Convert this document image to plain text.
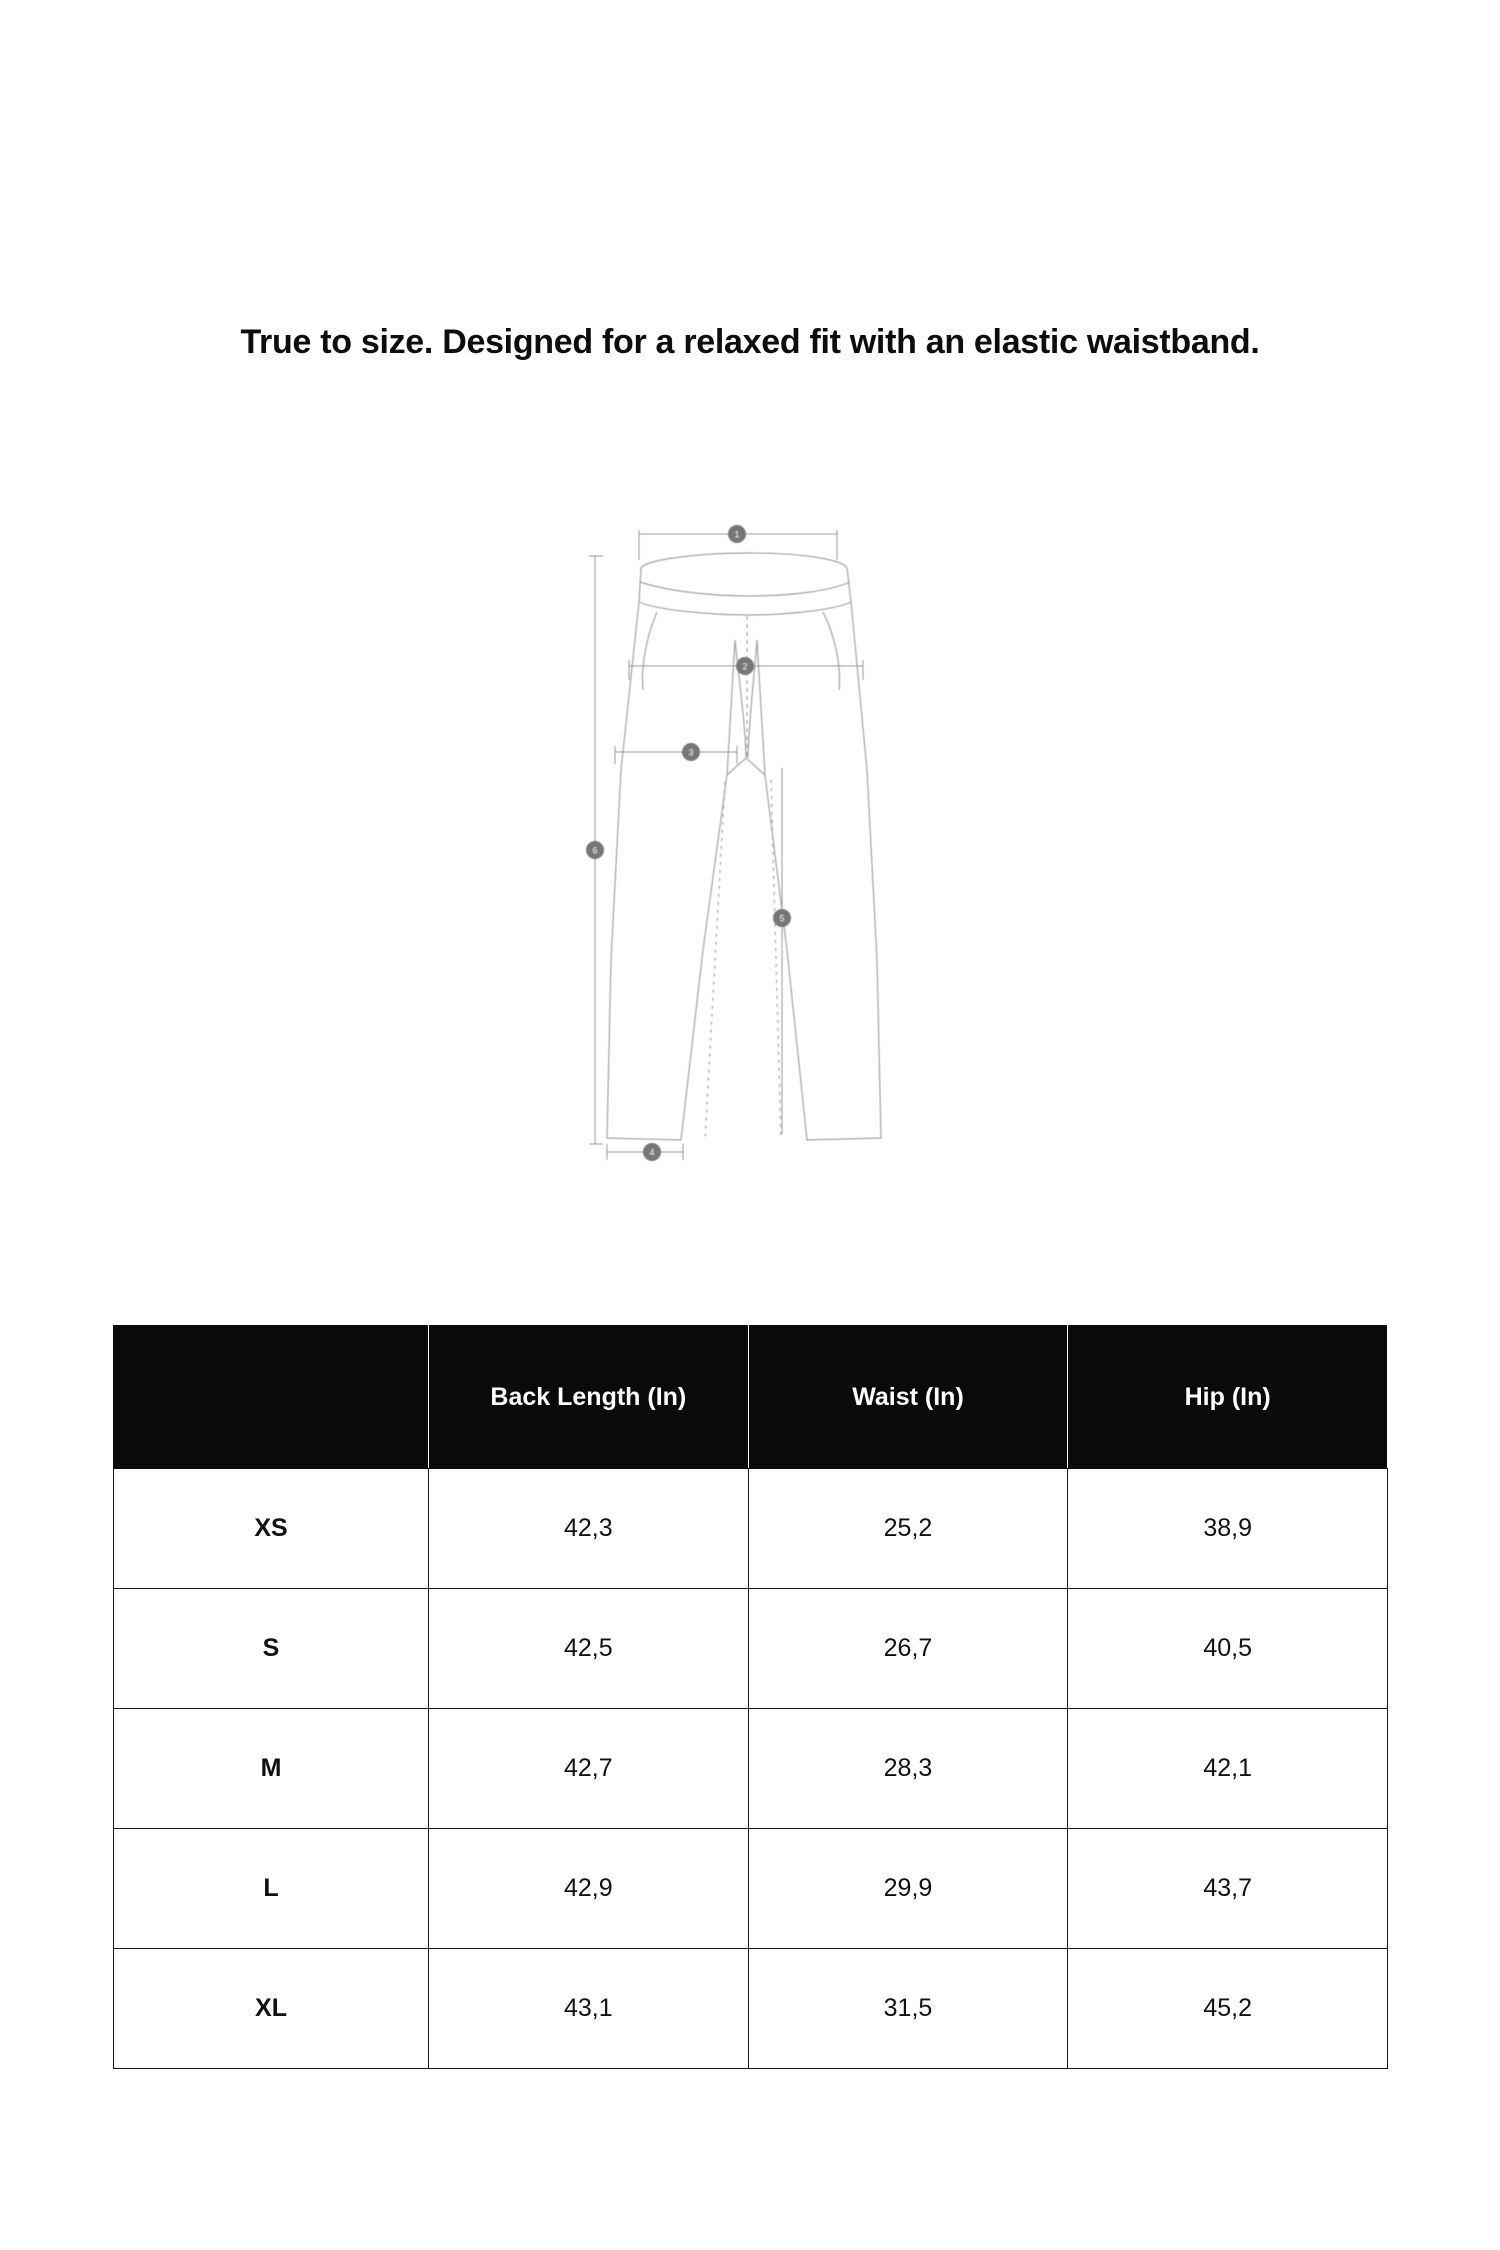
True to size. Designed for a relaxed fit with an elastic waistband.
1
2
3
4
5
6
	Back Length (In)	Waist (In)	Hip (In)
XS	42,3	25,2	38,9
S	42,5	26,7	40,5
M	42,7	28,3	42,1
L	42,9	29,9	43,7
XL	43,1	31,5	45,2
